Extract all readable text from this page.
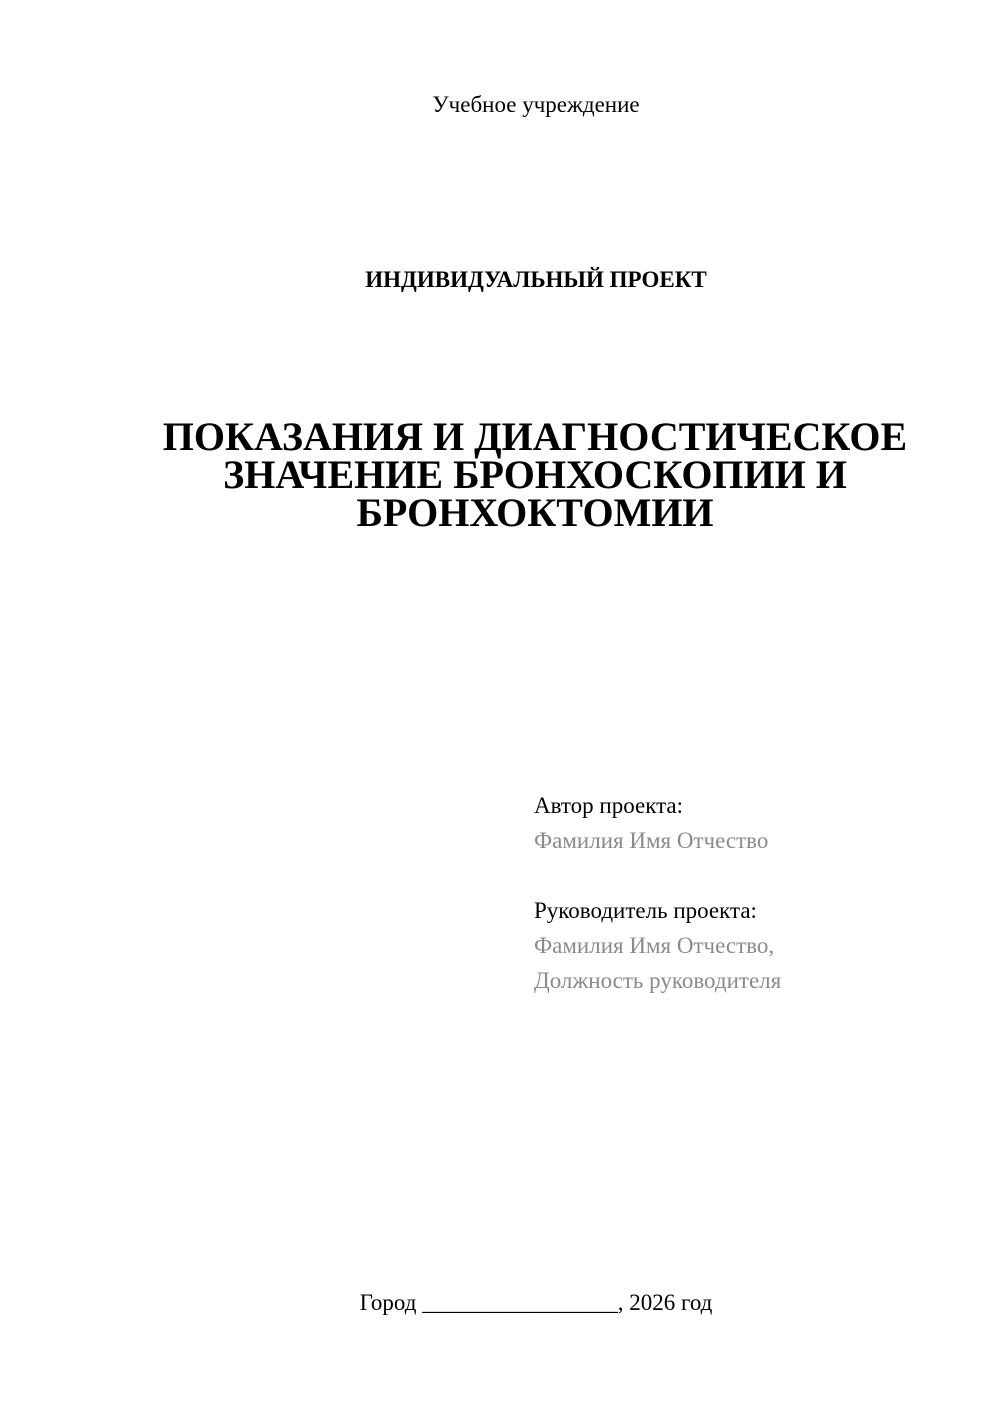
Учебное учреждение
ИНДИВИДУАЛЬНЫЙ ПРОЕКТ
ПОКАЗАНИЯ И ДИАГНОСТИЧЕСКОЕ
ЗНАЧЕНИЕ БРОНХОСКОПИИ И
БРОНХОКТОМИИ
Автор проекта:
Фамилия Имя Отчество
Руководитель проекта:
Фамилия Имя Отчество,
Должность руководителя
Город _________________, 2026 год
